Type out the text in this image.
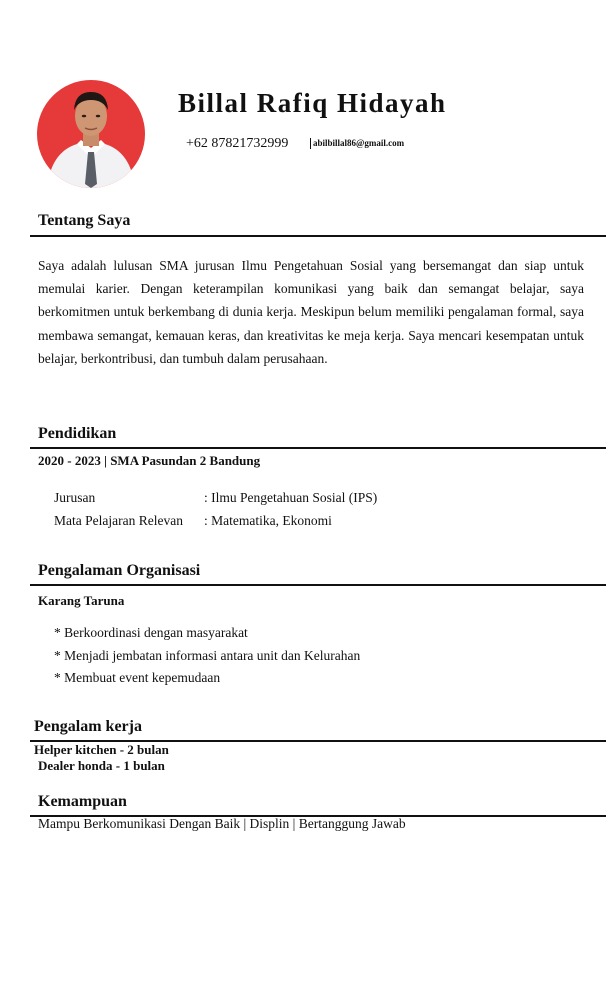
Billal Rafiq Hidayah
+62 87821732999	abilbillal86@gmail.com
Tentang Saya
Saya adalah lulusan SMA jurusan Ilmu Pengetahuan Sosial yang bersemangat dan siap untuk memulai karier. Dengan keterampilan komunikasi yang baik dan semangat belajar, saya berkomitmen untuk berkembang di dunia kerja. Meskipun belum memiliki pengalaman formal, saya membawa semangat, kemauan keras, dan kreativitas ke meja kerja. Saya mencari kesempatan untuk belajar, berkontribusi, dan tumbuh dalam perusahaan.
Pendidikan
2020 - 2023 | SMA Pasundan 2 Bandung
Jurusan	: Ilmu Pengetahuan Sosial (IPS)
Mata Pelajaran Relevan : Matematika, Ekonomi
Pengalaman Organisasi
Karang Taruna
* Berkoordinasi dengan masyarakat
* Menjadi jembatan informasi antara unit dan Kelurahan
* Membuat event kepemudaan
Pengalam kerja
Helper kitchen - 2 bulan
Dealer honda - 1 bulan
Kemampuan
Mampu Berkomunikasi Dengan Baik | Displin | Bertanggung Jawab
